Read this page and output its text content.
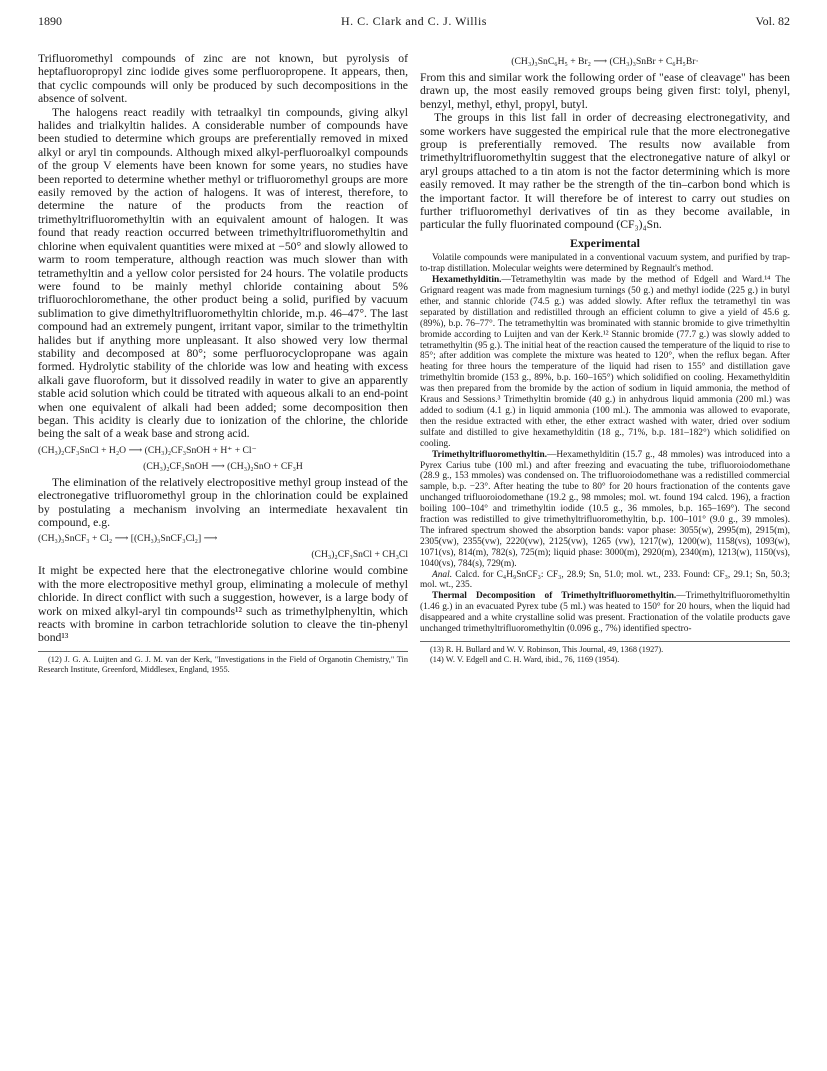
1890	H. C. Clark and C. J. Willis	Vol. 82

Trifluoromethyl compounds of zinc are not known, but pyrolysis of heptafluoropropyl zinc iodide gives some perfluoropropene. It appears, then, that cyclic compounds will only be produced by such decompositions in the absence of solvent.

The halogens react readily with tetraalkyl tin compounds, giving alkyl halides and trialkyltin halides. A considerable number of compounds have been studied to determine which groups are preferentially removed in mixed alkyl or aryl tin compounds. Although mixed alkyl-perfluoroalkyl compounds of the group V elements have been known for some years, no studies have been reported to determine whether methyl or trifluoromethyl groups are more easily removed by the action of halogens. It was of interest, therefore, to determine the nature of the products from the reaction of trimethyltrifluoromethyltin with an equivalent amount of halogen. It was found that ready reaction occurred between trimethyltrifluoromethyltin and chlorine when equivalent quantities were mixed at −50° and slowly allowed to warm to room temperature, although reaction was much slower than with tetramethyltin and a yellow color persisted for 24 hours. The volatile products were found to be mainly methyl chloride containing about 5% trifluorochloromethane, the other product being a solid, purified by vacuum sublimation to give dimethyltrifluoromethyltin chloride, m.p. 46–47°. The last compound had an extremely pungent, irritant vapor, similar to the trimethyltin halides but if anything more unpleasant. It also showed very low thermal stability and decomposed at 80°; some perfluorocyclopropane was again formed. Hydrolytic stability of the chloride was low and heating with excess alkali gave fluoroform, but it dissolved readily in water to give an apparently stable acid solution which could be titrated with aqueous alkali to an end-point when one equivalent of alkali had been added; some decomposition then began. This acidity is clearly due to ionization of the chlorine, the chloride being the salt of a weak base and strong acid.

(CH₃)₂CF₃SnCl + H₂O ⟶ (CH₃)₂CF₃SnOH + H⁺ + Cl⁻

(CH₃)₂CF₃SnOH ⟶ (CH₃)₂SnO + CF₃H

The elimination of the relatively electropositive methyl group instead of the electronegative trifluoromethyl group in the chlorination could be explained by postulating a mechanism involving an intermediate hexavalent tin compound, e.g.

(CH₃)₃SnCF₃ + Cl₂ ⟶ [(CH₃)₃SnCF₃Cl₂] ⟶

(CH₃)₂CF₃SnCl + CH₃Cl

It might be expected here that the electronegative chlorine would combine with the more electropositive methyl group, eliminating a molecule of methyl chloride. In direct conflict with such a suggestion, however, is a large body of work on mixed alkyl-aryl tin compounds¹² such as trimethylphenyltin, which reacts with bromine in carbon tetrachloride solution to cleave the tin-phenyl bond¹³

(12) J. G. A. Luijten and G. J. M. van der Kerk, "Investigations in the Field of Organotin Chemistry," Tin Research Institute, Greenford, Middlesex, England, 1955.

(CH₃)₃SnC₆H₅ + Br₂ ⟶ (CH₃)₃SnBr + C₆H₅Br·

From this and similar work the following order of "ease of cleavage" has been drawn up, the most easily removed groups being given first: tolyl, phenyl, benzyl, methyl, ethyl, propyl, butyl.

The groups in this list fall in order of decreasing electronegativity, and some workers have suggested the empirical rule that the more electronegative group is preferentially removed. The results now available from trimethyltrifluoromethyltin suggest that the electronegative nature of alkyl or aryl groups attached to a tin atom is not the factor determining which is more easily removed. It may rather be the strength of the tin–carbon bond which is the important factor. It will therefore be of interest to carry out studies on further trifluoromethyl derivatives of tin as they become available, in particular the fully fluorinated compound (CF₃)₄Sn.

Experimental

Volatile compounds were manipulated in a conventional vacuum system, and purified by trap-to-trap distillation. Molecular weights were determined by Regnault's method.

Hexamethylditin.—Tetramethyltin was made by the method of Edgell and Ward.¹⁴ The Grignard reagent was made from magnesium turnings (50 g.) and methyl iodide (225 g.) in butyl ether, and stannic chloride (74.5 g.) was added slowly. After reflux the tetramethyl tin was separated by distillation and redistilled through an efficient column to give a yield of 45.6 g. (89%), b.p. 76–77°. The tetramethyltin was brominated with stannic bromide to give trimethyltin bromide according to Luijten and van der Kerk.¹² Stannic bromide (77.7 g.) was slowly added to tetramethyltin (95 g.). The initial heat of the reaction caused the temperature of the liquid to rise to 85°; after addition was complete the mixture was heated to 120°, when the reflux began. After heating for three hours the temperature of the liquid had risen to 155° and distillation gave trimethyltin bromide (153 g., 89%, b.p. 160–165°) which solidified on cooling. Hexamethylditin was then prepared from the bromide by the action of sodium in liquid ammonia, the method of Kraus and Sessions.³ Trimethyltin bromide (40 g.) in anhydrous liquid ammonia (200 ml.) was added to sodium (4.1 g.) in liquid ammonia (100 ml.). The ammonia was allowed to evaporate, then the residue extracted with ether, the ether extract washed with water, dried over sodium sulfate and distilled to give hexamethylditin (18 g., 71%, b.p. 181–182°) which solidified on cooling.

Trimethyltrifluoromethyltin.—Hexamethylditin (15.7 g., 48 mmoles) was introduced into a Pyrex Carius tube (100 ml.) and after freezing and evacuating the tube, trifluoroiodomethane (28.9 g., 153 mmoles) was condensed on. The trifluoroiodomethane was a redistilled commercial sample, b.p. −23°. After heating the tube to 80° for 20 hours fractionation of the contents gave unchanged trifluoroiodomethane (19.2 g., 98 mmoles; mol. wt. found 194 calcd. 196), a fraction boiling 100–104° and trimethyltin iodide (10.5 g., 36 mmoles, b.p. 165–169°). The second fraction was redistilled to give trimethyltrifluoromethyltin, b.p. 100–101° (9.0 g., 39 mmoles). The infrared spectrum showed the absorption bands: vapor phase: 3055(w), 2995(m), 2915(m), 2305(vw), 2355(vw), 2220(vw), 2125(vw), 1265 (vw), 1217(w), 1200(w), 1158(vs), 1093(w), 1071(vs), 814(m), 782(s), 725(m); liquid phase: 3000(m), 2920(m), 2340(m), 1213(w), 1150(vs), 1040(vs), 784(s), 729(m).

Anal. Calcd. for C₄H₉SnCF₃: CF₃, 28.9; Sn, 51.0; mol. wt., 233. Found: CF₃, 29.1; Sn, 50.3; mol. wt., 235.

Thermal Decomposition of Trimethyltrifluoromethyltin.—Trimethyltrifluoromethyltin (1.46 g.) in an evacuated Pyrex tube (5 ml.) was heated to 150° for 20 hours, when the liquid had disappeared and a white crystalline solid was present. Fractionation of the volatile products gave unchanged trimethyltrifluoromethyltin (0.096 g., 7%) identified spectro-

(13) R. H. Bullard and W. V. Robinson, This Journal, 49, 1368 (1927).

(14) W. V. Edgell and C. H. Ward, ibid., 76, 1169 (1954).
